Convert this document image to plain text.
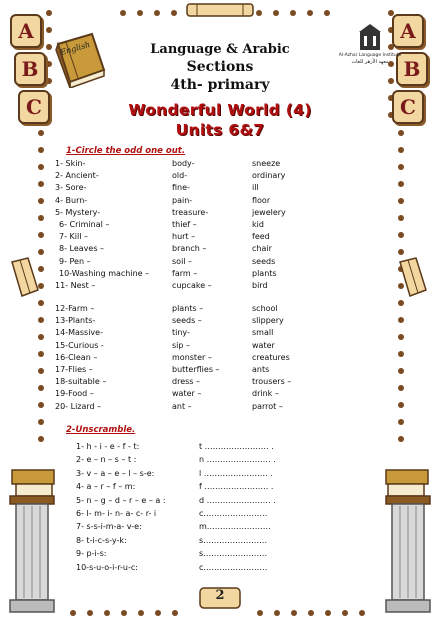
A
B
C
A
B
C
English	Al-Azhar Language Institute
معهد الأزهر للغات
Language & Arabic
Sections
4th- primary
Wonderful World (4)
Units 6&7
1-Circle the odd one out.
1- Skin-	body-	sneeze
2- Ancient-	old-	ordinary
3- Sore-	fine-	ill
4- Burn-	pain-	floor
5- Mystery-	treasure-	jewelery
6- Criminal –	thief –	kid
7- Kill –	hurt –	feed
8- Leaves –	branch –	chair
9- Pen –	soil –	seeds
10-Washing machine –	farm –	plants
11- Nest –	cupcake –	bird
12-Farm –	plants –	school
13-Plants-	seeds –	slippery
14-Massive-	tiny-	small
15-Curious -	sip –	water
16-Clean –	monster –	creatures
17-Flies –	butterflies –	ants
18-suitable –	dress –	trousers –
19-Food –	water –	drink –
20- Lizard –	ant –	parrot –
2-Unscramble.
1- h - i - e - f - t:	t …………………… .
2- e – n – s – t :	n …………………… .
3- v – a – e – l – s-e:	l …………………… .
4- a – r – f – m:	f …………………… .
5- n – g – d – r – e – a :	d …………………… .
6- l- m- i- n- a- c- r- i	c……………………
7- s-s-i-m-a- v-e:	m……………………
8- t-i-c-s-y-k:	s……………………
9- p-i-s:	s……………………
10-s-u-o-i-r-u-c:	c……………………
2
